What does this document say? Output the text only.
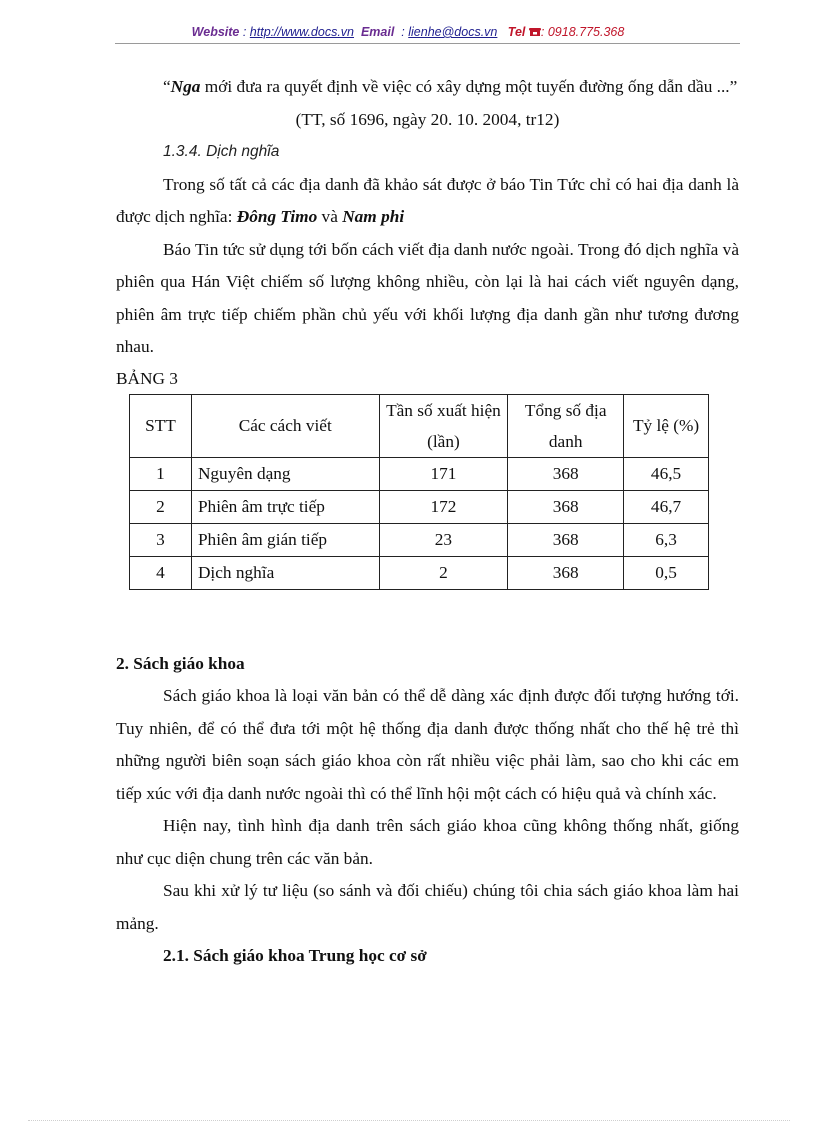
Website : http://www.docs.vn Email  : lienhe@docs.vn Tel : 0918.775.368

“Nga mới đưa ra quyết định về việc có xây dựng một tuyến đường ống dẫn dầu ...”

(TT, số 1696, ngày 20. 10. 2004, tr12)

1.3.4. Dịch nghĩa

Trong số tất cả các địa danh đã khảo sát được ở báo Tin Tức chỉ có hai địa danh là được dịch nghĩa: Đông Timo và Nam phi

Báo Tin tức sử dụng tới bốn cách viết địa danh nước ngoài. Trong đó dịch nghĩa và phiên qua Hán Việt chiếm số lượng không nhiều, còn lại là hai cách viết nguyên dạng, phiên âm trực tiếp chiếm phần chủ yếu với khối lượng địa danh gần như tương đương nhau.

BẢNG 3

STT	Các cách viết	Tần số xuất hiện (lần)	Tổng số địa danh	Tỷ lệ (%)
1	Nguyên dạng	171	368	46,5
2	Phiên âm trực tiếp	172	368	46,7
3	Phiên âm gián tiếp	23	368	6,3
4	Dịch nghĩa	2	368	0,5

2. Sách giáo khoa

Sách giáo khoa là loại văn bản có thể dễ dàng xác định được đối tượng hướng tới. Tuy nhiên, để có thể đưa tới một hệ thống địa danh được thống nhất cho thế hệ trẻ thì những người biên soạn sách giáo khoa còn rất nhiều việc phải làm, sao cho khi các em tiếp xúc với địa danh nước ngoài thì có thể lĩnh hội một cách có hiệu quả và chính xác.

Hiện nay, tình hình địa danh trên sách giáo khoa cũng không thống nhất, giống như cục diện chung trên các văn bản.

Sau khi xử lý tư liệu (so sánh và đối chiếu) chúng tôi chia sách giáo khoa làm hai mảng.

2.1. Sách giáo khoa Trung học cơ sở
